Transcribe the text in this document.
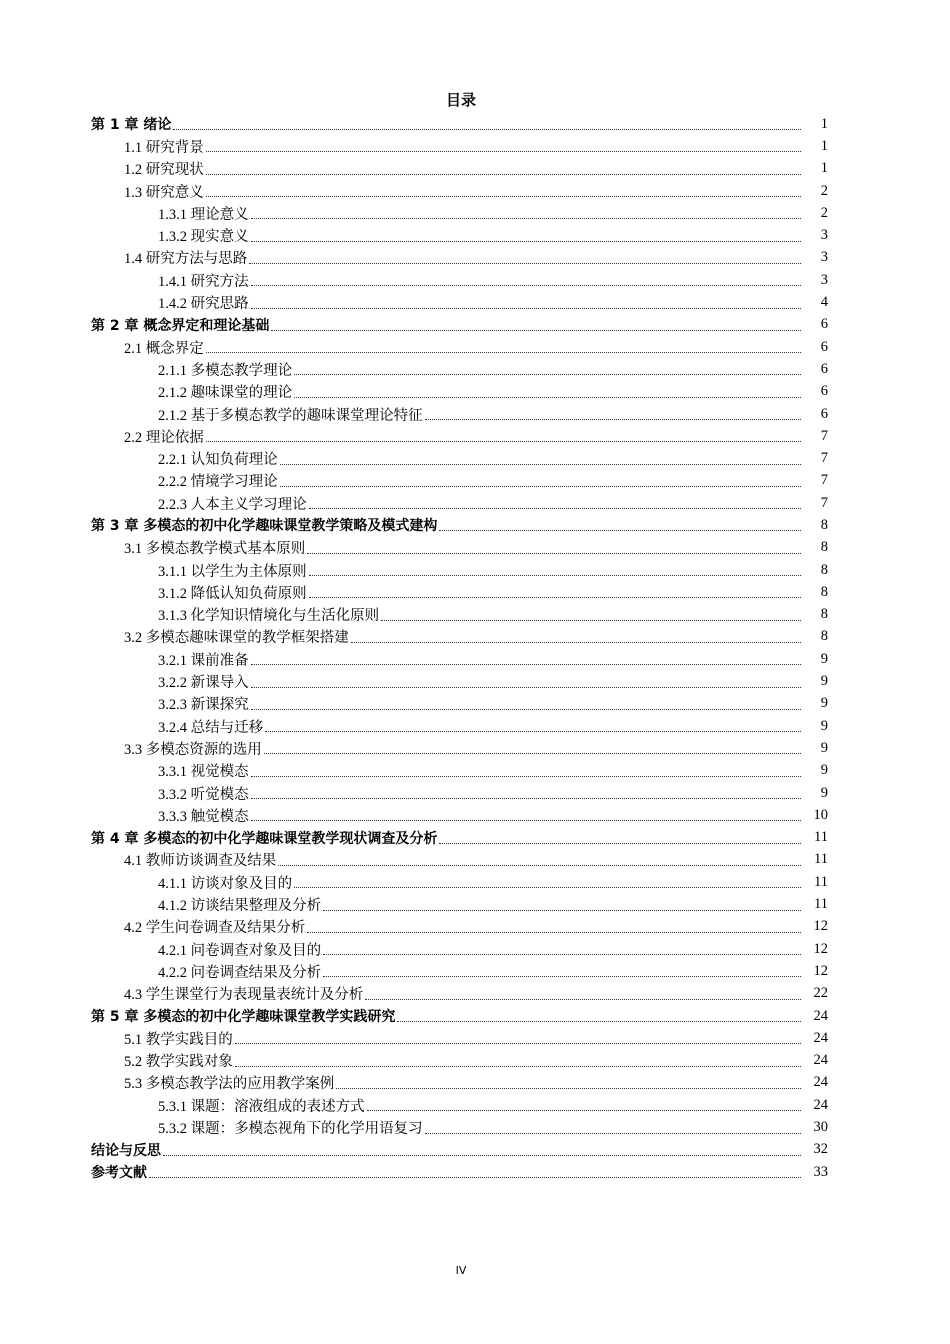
目录
第 1 章 绪论	1
1.1 研究背景	1
1.2 研究现状	1
1.3 研究意义	2
1.3.1 理论意义	2
1.3.2 现实意义	3
1.4 研究方法与思路	3
1.4.1 研究方法	3
1.4.2 研究思路	4
第 2 章 概念界定和理论基础	6
2.1 概念界定	6
2.1.1 多模态教学理论	6
2.1.2 趣味课堂的理论	6
2.1.2 基于多模态教学的趣味课堂理论特征	6
2.2 理论依据	7
2.2.1 认知负荷理论	7
2.2.2 情境学习理论	7
2.2.3 人本主义学习理论	7
第 3 章 多模态的初中化学趣味课堂教学策略及模式建构	8
3.1 多模态教学模式基本原则	8
3.1.1 以学生为主体原则	8
3.1.2 降低认知负荷原则	8
3.1.3 化学知识情境化与生活化原则	8
3.2 多模态趣味课堂的教学框架搭建	8
3.2.1 课前准备	9
3.2.2 新课导入	9
3.2.3 新课探究	9
3.2.4 总结与迁移	9
3.3 多模态资源的选用	9
3.3.1 视觉模态	9
3.3.2 听觉模态	9
3.3.3 触觉模态	10
第 4 章 多模态的初中化学趣味课堂教学现状调查及分析	11
4.1 教师访谈调查及结果	11
4.1.1 访谈对象及目的	11
4.1.2 访谈结果整理及分析	11
4.2 学生问卷调查及结果分析	12
4.2.1 问卷调查对象及目的	12
4.2.2 问卷调查结果及分析	12
4.3 学生课堂行为表现量表统计及分析	22
第 5 章 多模态的初中化学趣味课堂教学实践研究	24
5.1 教学实践目的	24
5.2 教学实践对象	24
5.3 多模态教学法的应用教学案例	24
5.3.1 课题：溶液组成的表述方式	24
5.3.2 课题：多模态视角下的化学用语复习	30
结论与反思	32
参考文献	33
IV
